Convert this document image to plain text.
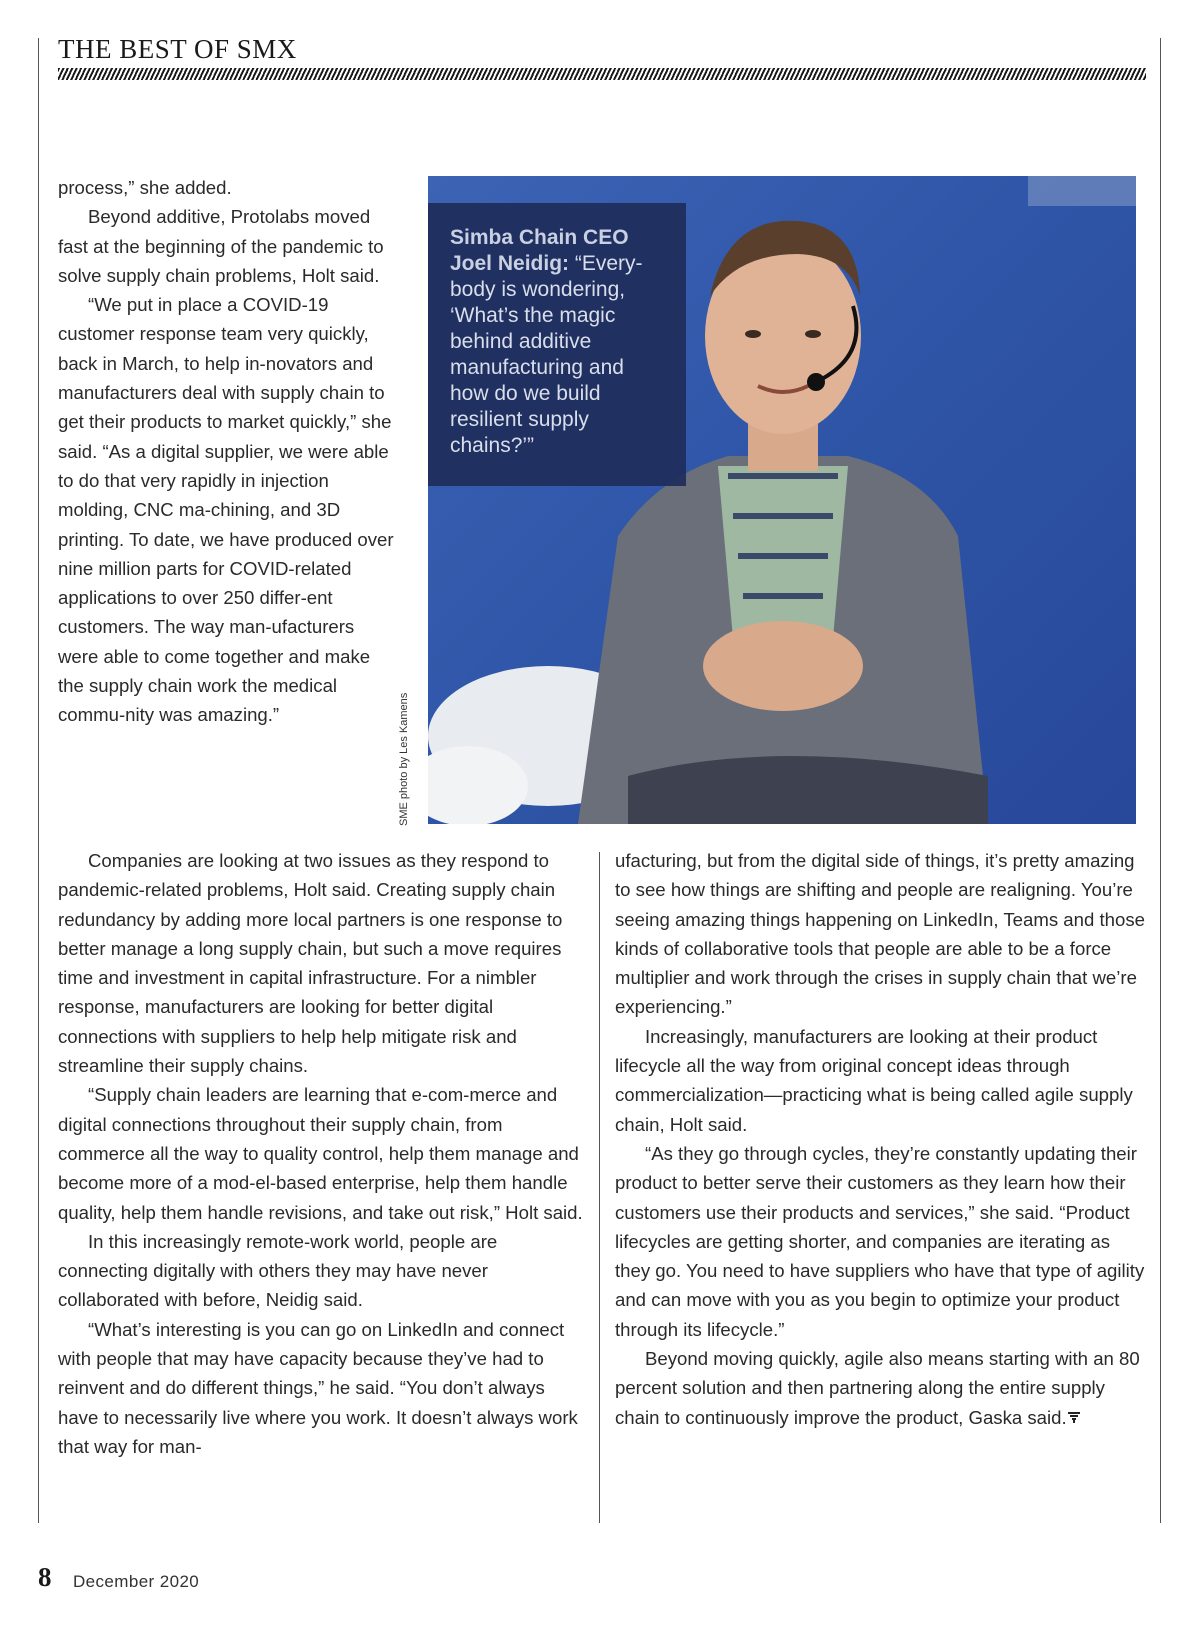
THE BEST OF SMX
Simba Chain CEO Joel Neidig: “Every-body is wondering, ‘What’s the magic behind additive manufacturing and how do we build resilient supply chains?’”
SME photo by Les Kamens

process,” she added.

Beyond additive, Protolabs moved fast at the beginning of the pandemic to solve supply chain problems, Holt said.

“We put in place a COVID-19 customer response team very quickly, back in March, to help in-novators and manufacturers deal with supply chain to get their products to market quickly,” she said. “As a digital supplier, we were able to do that very rapidly in injection molding, CNC ma-chining, and 3D printing. To date, we have produced over nine million parts for COVID-related applications to over 250 differ-ent customers. The way man-ufacturers were able to come together and make the supply chain work the medical commu-nity was amazing.”

Companies are looking at two issues as they respond to pandemic-related problems, Holt said. Creating supply chain redundancy by adding more local partners is one response to better manage a long supply chain, but such a move requires time and investment in capital infrastructure. For a nimbler response, manufacturers are looking for better digital connections with suppliers to help help mitigate risk and streamline their supply chains.

“Supply chain leaders are learning that e-com-merce and digital connections throughout their supply chain, from commerce all the way to quality control, help them manage and become more of a mod-el-based enterprise, help them handle quality, help them handle revisions, and take out risk,” Holt said.

In this increasingly remote-work world, people are connecting digitally with others they may have never collaborated with before, Neidig said.

“What’s interesting is you can go on LinkedIn and connect with people that may have capacity because they’ve had to reinvent and do different things,” he said. “You don’t always have to necessarily live where you work. It doesn’t always work that way for man-

ufacturing, but from the digital side of things, it’s pretty amazing to see how things are shifting and people are realigning. You’re seeing amazing things happening on LinkedIn, Teams and those kinds of collaborative tools that people are able to be a force multiplier and work through the crises in supply chain that we’re experiencing.”

Increasingly, manufacturers are looking at their product lifecycle all the way from original concept ideas through commercialization—practicing what is being called agile supply chain, Holt said.

“As they go through cycles, they’re constantly updating their product to better serve their customers as they learn how their customers use their products and services,” she said. “Product lifecycles are getting shorter, and companies are iterating as they go. You need to have suppliers who have that type of agility and can move with you as you begin to optimize your product through its lifecycle.”

Beyond moving quickly, agile also means starting with an 80 percent solution and then partnering along the entire supply chain to continuously improve the product, Gaska said.

8 December 2020
